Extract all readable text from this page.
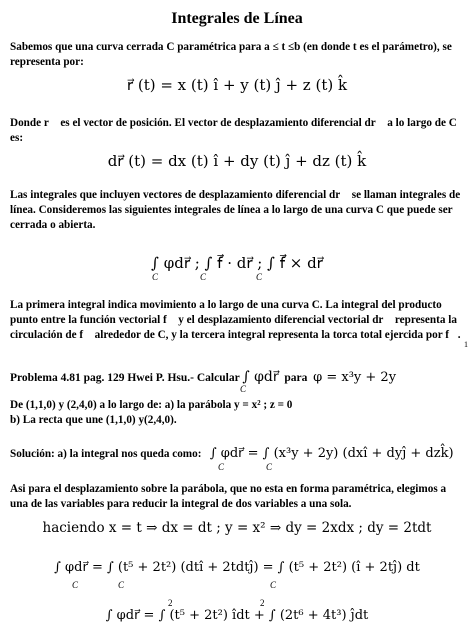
Integrales de Línea
Sabemos que una curva cerrada C paramétrica para a ≤ t ≤b (en donde t es el parámetro), se representa por:
r⃗ (t) = x (t) î + y (t) ĵ + z (t) k̂
Donde r⃗ es el vector de posición. El vector de desplazamiento diferencial dr⃗ a lo largo de C es:
dr⃗ (t) = dx (t) î + dy (t) ĵ + dz (t) k̂
Las integrales que incluyen vectores de desplazamiento diferencial dr⃗ se llaman integrales de línea. Consideremos las siguientes integrales de línea a lo largo de una curva C que puede ser cerrada o abierta.
∫ φdr⃗ ; ∫ f⃗ · dr⃗ ; ∫ f⃗ × dr⃗
C	C	C
La primera integral indica movimiento a lo largo de una curva C. La integral del producto punto entre la función vectorial f⃗ y el desplazamiento diferencial vectorial dr⃗ representa la circulación de f⃗ alrededor de C, y la tercera integral representa la torca total ejercida por f⃗.
1
Problema 4.81 pag. 129 Hwei P. Hsu.- Calcular ∫ φdr⃗ para φ = x³y + 2y
C
De (1,1,0) y (2,4,0) a lo largo de: a) la parábola y = x² ; z = 0
b) La recta que une (1,1,0) y(2,4,0).
Solución: a) la integral nos queda como: ∫ φdr⃗ = ∫ (x³y + 2y) (dxî + dyĵ + dzk̂)
C	C
Asi para el desplazamiento sobre la parábola, que no esta en forma paramétrica, elegimos a una de las variables para reducir la integral de dos variables a una sola.
haciendo x = t ⇒ dx = dt ; y = x² ⇒ dy = 2xdx ; dy = 2tdt
∫ φdr⃗ = ∫ (t⁵ + 2t²) (dtî + 2tdtĵ) = ∫ (t⁵ + 2t²) (î + 2tĵ) dt
C	C	C
2	2
∫ φdr⃗ = ∫ (t⁵ + 2t²) îdt + ∫ (2t⁶ + 4t³) ĵdt
